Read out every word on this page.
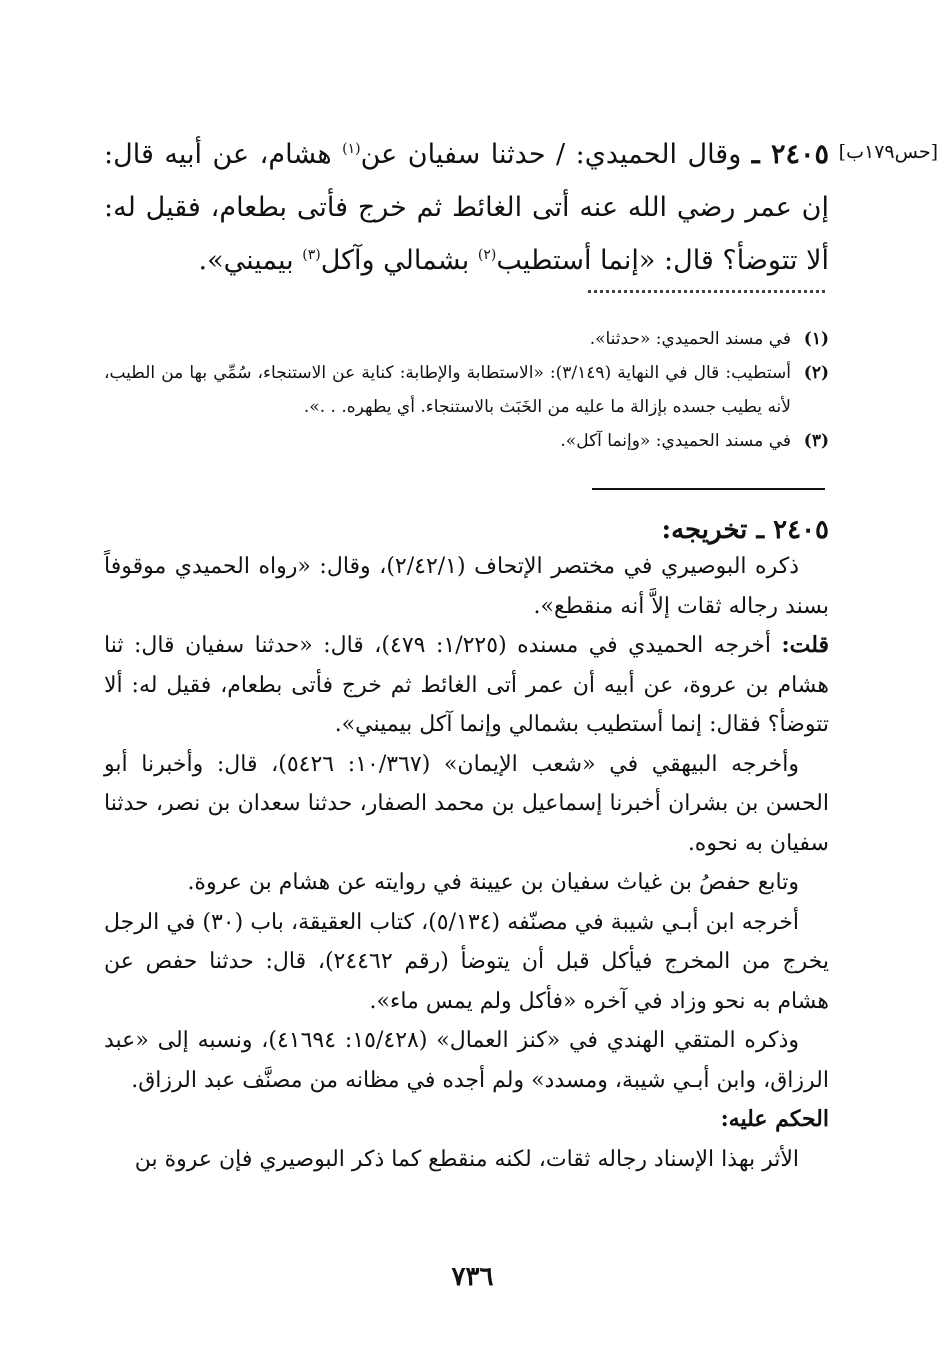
[حس١٧٩ب]
٢٤٠٥ ـ وقال الحميدي: / حدثنا سفيان عن$^{(١)}$ هشام، عن أبيه قال: إن عمر رضي الله عنه أتى الغائط ثم خرج فأتى بطعام، فقيل له: ألا تتوضأ؟ قال: «إنما أستطيب$^{(٢)}$ بشمالي وآكل$^{(٣)}$ بيميني».
(١)
في مسند الحميدي: «حدثنا».
(٢)
أستطيب: قال في النهاية (٣/١٤٩): «الاستطابة والإطابة: كناية عن الاستنجاء، سُمِّي بها من الطيب، لأنه يطيب جسده بإزالة ما عليه من الخَبَث بالاستنجاء. أي يطهره. . .».
(٣)
في مسند الحميدي: «وإنما آكل».
٢٤٠٥ ـ تخريجه:

ذكره البوصيري في مختصر الإتحاف (٢/٤٢/١)، وقال: «رواه الحميدي موقوفاً بسند رجاله ثقات إلاَّ أنه منقطع».

قلت: أخرجه الحميدي في مسنده (١/٢٢٥: ٤٧٩)، قال: «حدثنا سفيان قال: ثنا هشام بن عروة، عن أبيه أن عمر أتى الغائط ثم خرج فأتى بطعام، فقيل له: ألا تتوضأ؟ فقال: إنما أستطيب بشمالي وإنما آكل بيميني».

وأخرجه البيهقي في «شعب الإيمان» (١٠/٣٦٧: ٥٤٢٦)، قال: وأخبرنا أبو الحسن بن بشران أخبرنا إسماعيل بن محمد الصفار، حدثنا سعدان بن نصر، حدثنا سفيان به نحوه.

وتابع حفصُ بن غياث سفيان بن عيينة في روايته عن هشام بن عروة.

أخرجه ابن أبـي شيبة في مصنّفه (٥/١٣٤)، كتاب العقيقة، باب (٣٠) في الرجل يخرج من المخرج فيأكل قبل أن يتوضأ (رقم ٢٤٤٦٢)، قال: حدثنا حفص عن هشام به نحو وزاد في آخره «فأكل ولم يمس ماء».

وذكره المتقي الهندي في «كنز العمال» (١٥/٤٢٨: ٤١٦٩٤)، ونسبه إلى «عبد الرزاق، وابن أبـي شيبة، ومسدد» ولم أجده في مظانه من مصنَّف عبد الرزاق.

الحكم عليه:

الأثر بهذا الإسناد رجاله ثقات، لكنه منقطع كما ذكر البوصيري فإن عروة بن

٧٣٦
